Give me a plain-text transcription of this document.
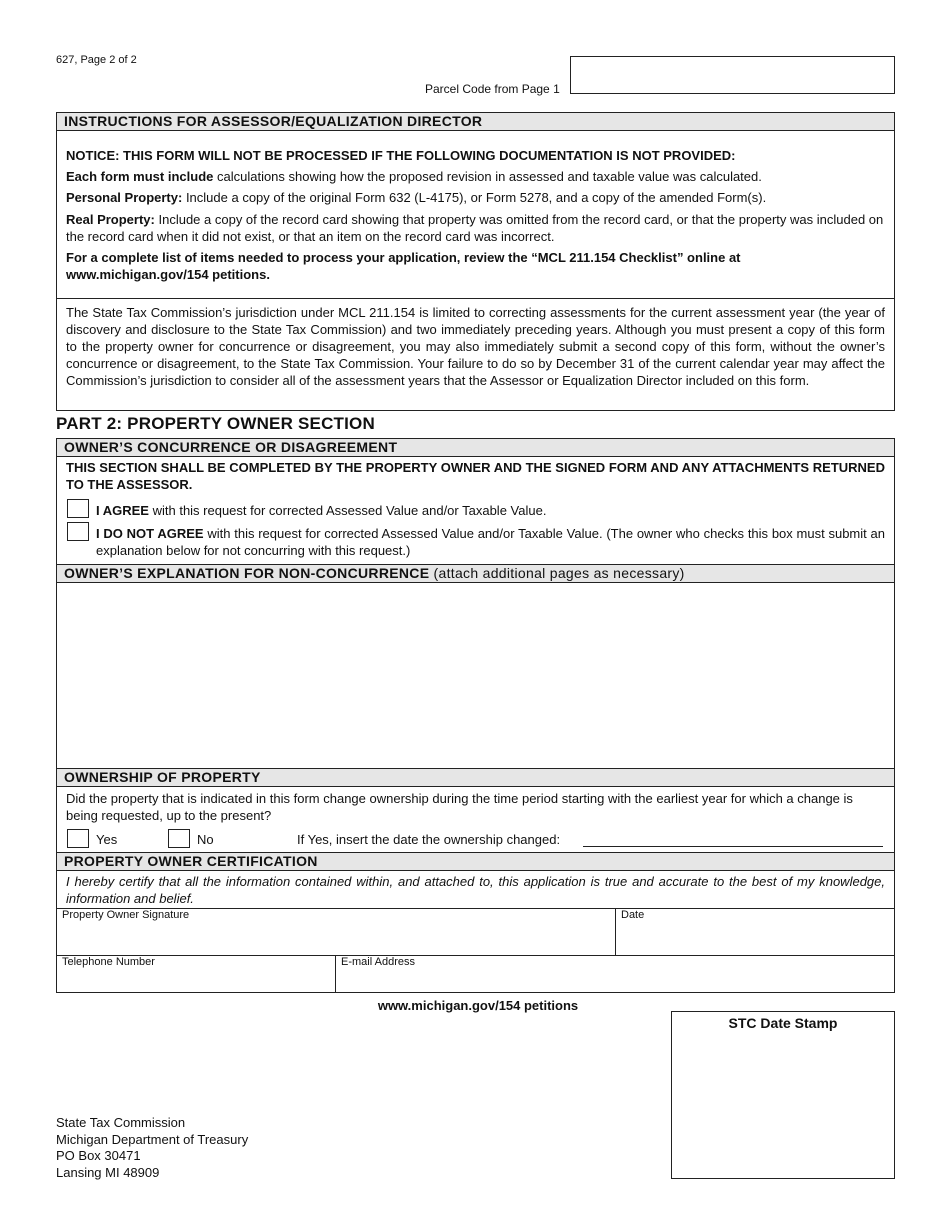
627, Page 2 of 2
Parcel Code from Page 1
INSTRUCTIONS FOR ASSESSOR/EQUALIZATION DIRECTOR
NOTICE: THIS FORM WILL NOT BE PROCESSED IF THE FOLLOWING DOCUMENTATION IS NOT PROVIDED:
Each form must include calculations showing how the proposed revision in assessed and taxable value was calculated.
Personal Property: Include a copy of the original Form 632 (L-4175), or Form 5278, and a copy of the amended Form(s).
Real Property: Include a copy of the record card showing that property was omitted from the record card, or that the property was included on the record card when it did not exist, or that an item on the record card was incorrect.
For a complete list of items needed to process your application, review the “MCL 211.154 Checklist” online at www.michigan.gov/154 petitions.
The State Tax Commission’s jurisdiction under MCL 211.154 is limited to correcting assessments for the current assessment year (the year of discovery and disclosure to the State Tax Commission) and two immediately preceding years. Although you must present a copy of this form to the property owner for concurrence or disagreement, you may also immediately submit a second copy of this form, without the owner’s concurrence or disagreement, to the State Tax Commission. Your failure to do so by December 31 of the current calendar year may affect the Commission’s jurisdiction to consider all of the assessment years that the Assessor or Equalization Director included on this form.
PART 2: PROPERTY OWNER SECTION
OWNER’S CONCURRENCE OR DISAGREEMENT
THIS SECTION SHALL BE COMPLETED BY THE PROPERTY OWNER AND THE SIGNED FORM AND ANY ATTACHMENTS RETURNED TO THE ASSESSOR.
I AGREE with this request for corrected Assessed Value and/or Taxable Value.
I DO NOT AGREE with this request for corrected Assessed Value and/or Taxable Value. (The owner who checks this box must submit an explanation below for not concurring with this request.)
OWNER’S EXPLANATION FOR NON-CONCURRENCE (attach additional pages as necessary)
OWNERSHIP OF PROPERTY
Did the property that is indicated in this form change ownership during the time period starting with the earliest year for which a change is being requested, up to the present?
Yes	No	If Yes, insert the date the ownership changed:
PROPERTY OWNER CERTIFICATION
I hereby certify that all the information contained within, and attached to, this application is true and accurate to the best of my knowledge, information and belief.
Property Owner Signature	Date
Telephone Number	E-mail Address
www.michigan.gov/154 petitions
STC Date Stamp
State Tax Commission
Michigan Department of Treasury
PO Box 30471
Lansing MI 48909
